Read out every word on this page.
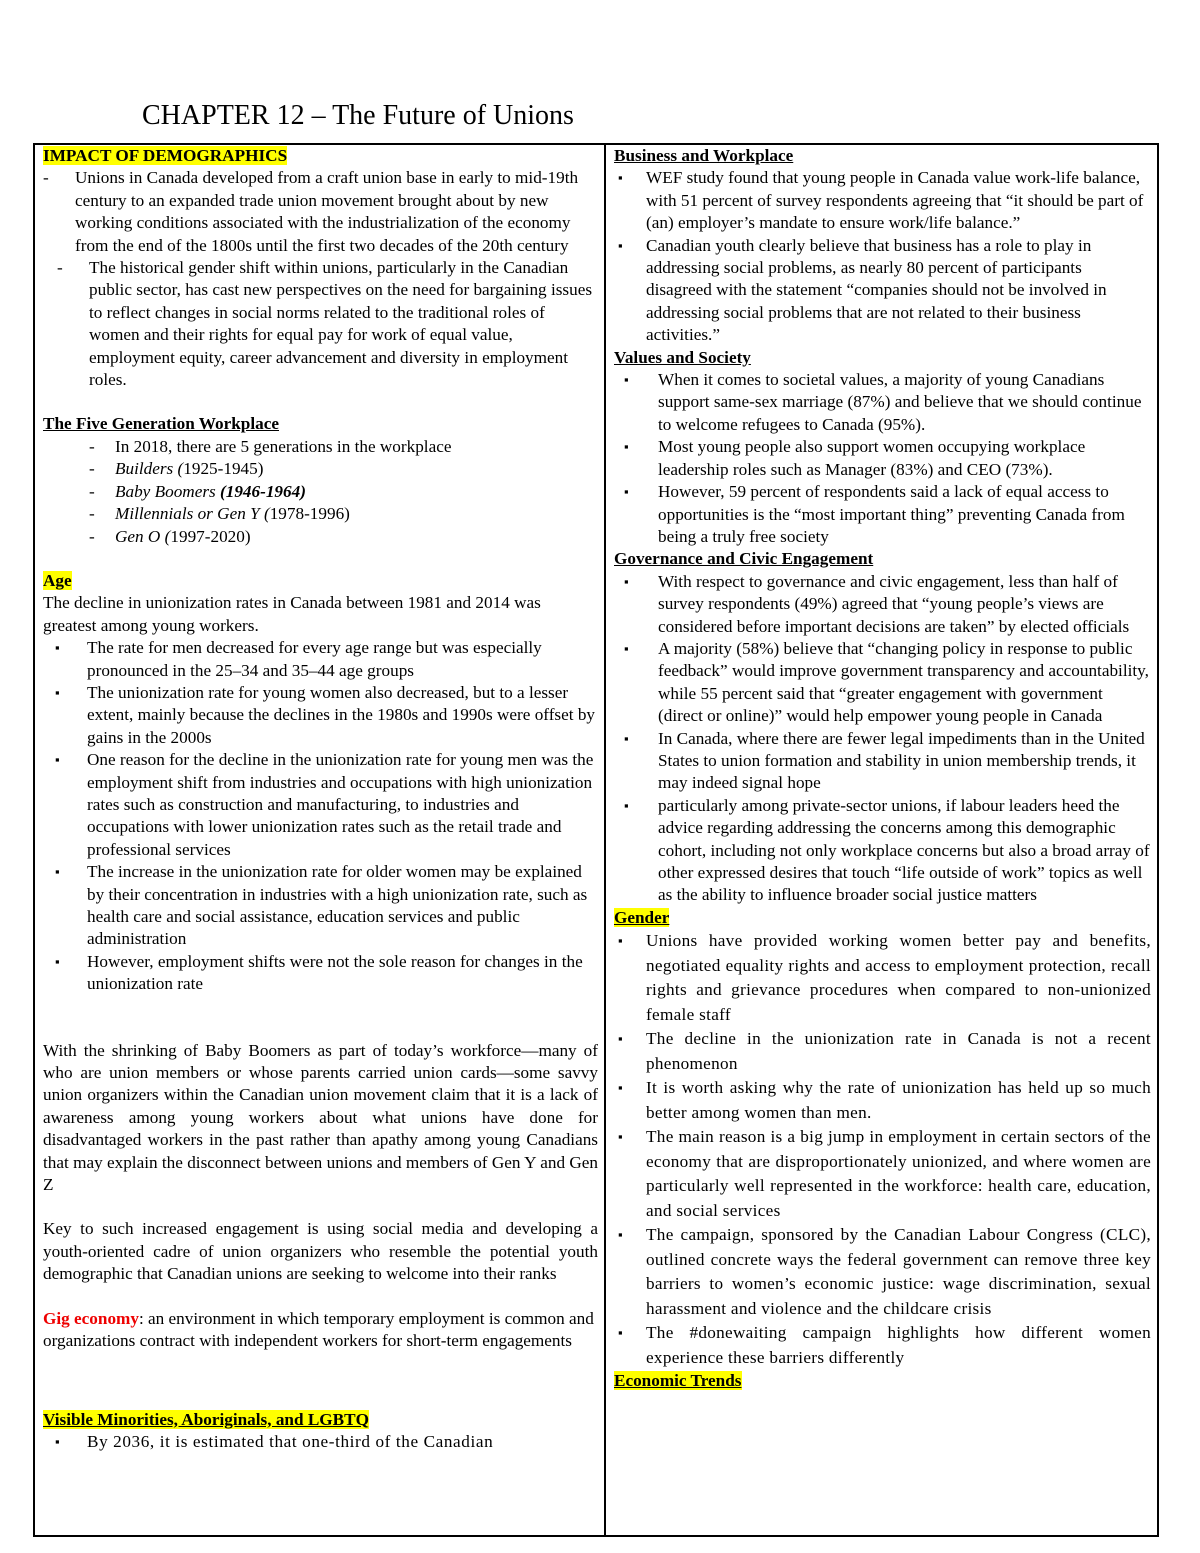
CHAPTER 12 – The Future of Unions

IMPACT OF DEMOGRAPHICS

- Unions in Canada developed from a craft union base in early to mid-19th century to an expanded trade union movement brought about by new working conditions associated with the industrialization of the economy from the end of the 1800s until the first two decades of the 20th century
- The historical gender shift within unions, particularly in the Canadian public sector, has cast new perspectives on the need for bargaining issues to reflect changes in social norms related to the traditional roles of women and their rights for equal pay for work of equal value, employment equity, career advancement and diversity in employment roles.

The Five Generation Workplace

- In 2018, there are 5 generations in the workplace
- Builders (1925-1945)
- Baby Boomers (1946-1964)
- Millennials or Gen Y (1978-1996)
- Gen O (1997-2020)

Age

The decline in unionization rates in Canada between 1981 and 2014 was greatest among young workers.

▪ The rate for men decreased for every age range but was especially pronounced in the 25–34 and 35–44 age groups
▪ The unionization rate for young women also decreased, but to a lesser extent, mainly because the declines in the 1980s and 1990s were offset by gains in the 2000s
▪ One reason for the decline in the unionization rate for young men was the employment shift from industries and occupations with high unionization rates such as construction and manufacturing, to industries and occupations with lower unionization rates such as the retail trade and professional services
▪ The increase in the unionization rate for older women may be explained by their concentration in industries with a high unionization rate, such as health care and social assistance, education services and public administration
▪ However, employment shifts were not the sole reason for changes in the unionization rate

With the shrinking of Baby Boomers as part of today’s workforce—many of who are union members or whose parents carried union cards—some savvy union organizers within the Canadian union movement claim that it is a lack of awareness among young workers about what unions have done for disadvantaged workers in the past rather than apathy among young Canadians that may explain the disconnect between unions and members of Gen Y and Gen Z

Key to such increased engagement is using social media and developing a youth-oriented cadre of union organizers who resemble the potential youth demographic that Canadian unions are seeking to welcome into their ranks

Gig economy: an environment in which temporary employment is common and organizations contract with independent workers for short-term engagements

Visible Minorities, Aboriginals, and LGBTQ

▪ By 2036, it is estimated that one-third of the Canadian

Business and Workplace

▪ WEF study found that young people in Canada value work-life balance, with 51 percent of survey respondents agreeing that “it should be part of (an) employer’s mandate to ensure work/life balance.”
▪ Canadian youth clearly believe that business has a role to play in addressing social problems, as nearly 80 percent of participants disagreed with the statement “companies should not be involved in addressing social problems that are not related to their business activities.”

Values and Society

▪ When it comes to societal values, a majority of young Canadians support same-sex marriage (87%) and believe that we should continue to welcome refugees to Canada (95%).
▪ Most young people also support women occupying workplace leadership roles such as Manager (83%) and CEO (73%).
▪ However, 59 percent of respondents said a lack of equal access to opportunities is the “most important thing” preventing Canada from being a truly free society

Governance and Civic Engagement

▪ With respect to governance and civic engagement, less than half of survey respondents (49%) agreed that “young people’s views are considered before important decisions are taken” by elected officials
▪ A majority (58%) believe that “changing policy in response to public feedback” would improve government transparency and accountability, while 55 percent said that “greater engagement with government (direct or online)” would help empower young people in Canada
▪ In Canada, where there are fewer legal impediments than in the United States to union formation and stability in union membership trends, it may indeed signal hope
▪ particularly among private-sector unions, if labour leaders heed the advice regarding addressing the concerns among this demographic cohort, including not only workplace concerns but also a broad array of other expressed desires that touch “life outside of work” topics as well as the ability to influence broader social justice matters

Gender

▪ Unions have provided working women better pay and benefits, negotiated equality rights and access to employment protection, recall rights and grievance procedures when compared to non-unionized female staff
▪ The decline in the unionization rate in Canada is not a recent phenomenon
▪ It is worth asking why the rate of unionization has held up so much better among women than men.
▪ The main reason is a big jump in employment in certain sectors of the economy that are disproportionately unionized, and where women are particularly well represented in the workforce: health care, education, and social services
▪ The campaign, sponsored by the Canadian Labour Congress (CLC), outlined concrete ways the federal government can remove three key barriers to women’s economic justice: wage discrimination, sexual harassment and violence and the childcare crisis
▪ The #donewaiting campaign highlights how different women experience these barriers differently

Economic Trends
